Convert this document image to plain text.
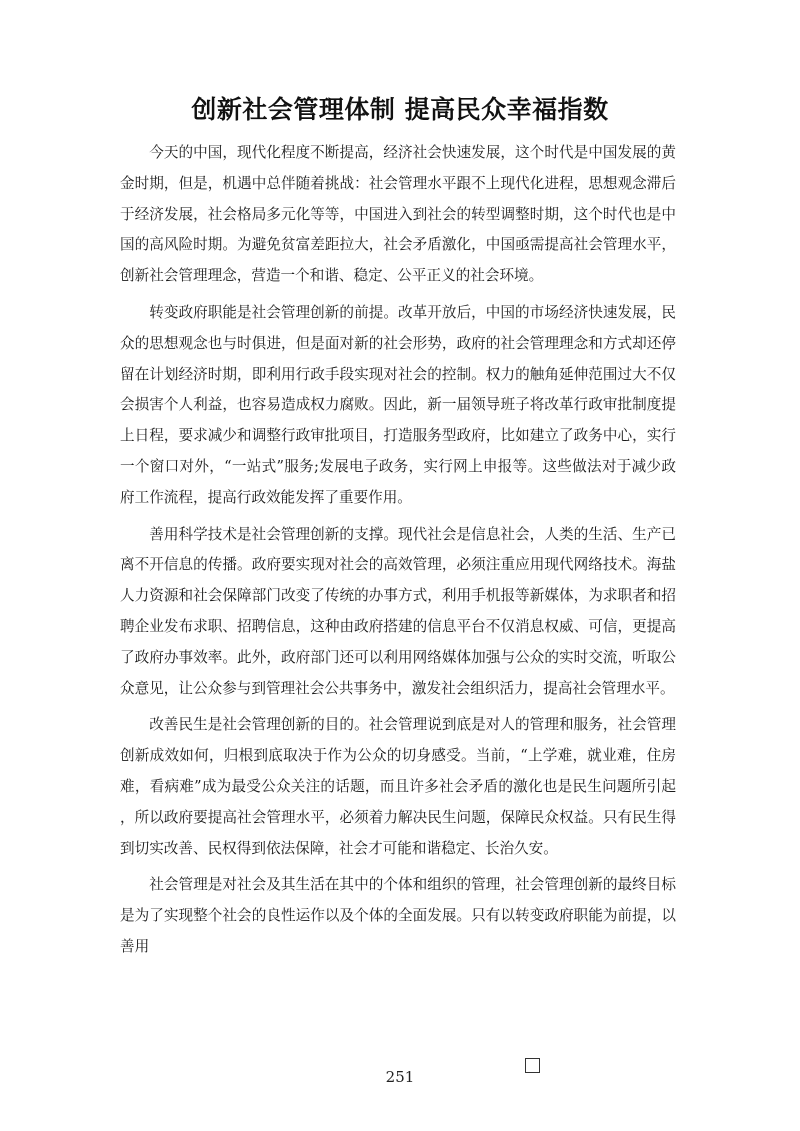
创新社会管理体制 提高民众幸福指数

今天的中国，现代化程度不断提高，经济社会快速发展，这个时代是中国发展的黄金时期，但是，机遇中总伴随着挑战：社会管理水平跟不上现代化进程，思想观念滞后于经济发展，社会格局多元化等等，中国进入到社会的转型调整时期，这个时代也是中国的高风险时期。为避免贫富差距拉大，社会矛盾激化，中国亟需提高社会管理水平，创新社会管理理念，营造一个和谐、稳定、公平正义的社会环境。

转变政府职能是社会管理创新的前提。改革开放后，中国的市场经济快速发展，民众的思想观念也与时俱进，但是面对新的社会形势，政府的社会管理理念和方式却还停留在计划经济时期，即利用行政手段实现对社会的控制。权力的触角延伸范围过大不仅会损害个人利益，也容易造成权力腐败。因此，新一届领导班子将改革行政审批制度提上日程，要求减少和调整行政审批项目，打造服务型政府，比如建立了政务中心，实行一个窗口对外，“一站式”服务;发展电子政务，实行网上申报等。这些做法对于减少政府工作流程，提高行政效能发挥了重要作用。

善用科学技术是社会管理创新的支撑。现代社会是信息社会，人类的生活、生产已离不开信息的传播。政府要实现对社会的高效管理，必须注重应用现代网络技术。海盐人力资源和社会保障部门改变了传统的办事方式，利用手机报等新媒体，为求职者和招聘企业发布求职、招聘信息，这种由政府搭建的信息平台不仅消息权威、可信，更提高了政府办事效率。此外，政府部门还可以利用网络媒体加强与公众的实时交流，听取公众意见，让公众参与到管理社会公共事务中，激发社会组织活力，提高社会管理水平。

改善民生是社会管理创新的目的。社会管理说到底是对人的管理和服务，社会管理创新成效如何，归根到底取决于作为公众的切身感受。当前，“上学难，就业难，住房难，看病难”成为最受公众关注的话题，而且许多社会矛盾的激化也是民生问题所引起，所以政府要提高社会管理水平，必须着力解决民生问题，保障民众权益。只有民生得到切实改善、民权得到依法保障，社会才可能和谐稳定、长治久安。

社会管理是对社会及其生活在其中的个体和组织的管理，社会管理创新的最终目标是为了实现整个社会的良性运作以及个体的全面发展。只有以转变政府职能为前提，以善用

251
